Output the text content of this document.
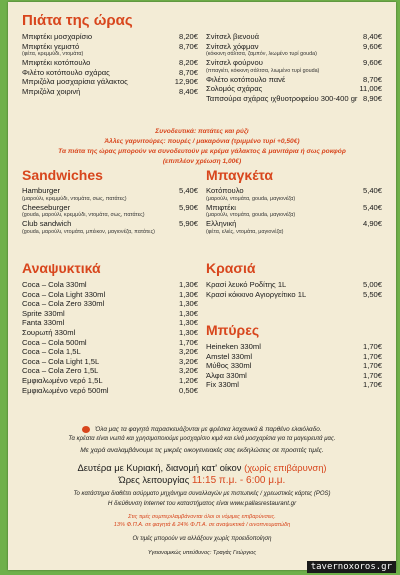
Πιάτα της ώρας
Μπιφτέκι μοσχαρίσιο	8,20€
Μπιφτέκι γεμιστό	8,70€
(φέτα, κρεμμύδι, ντομάτα)
Μπιφτέκι κοτόπουλο	8,20€
Φιλέτο κοτόπουλο σχάρας	8,70€
Μπριζόλα μοσχαρίσια γάλακτος	12,90€
Μπριζόλα χοιρινή	8,40€
Σνίτσελ βιενουά	8,40€
Σνίτσελ χόφμαν	9,60€
(κόκκινη σάλτσα, ζαμπόν, λιωμένο τυρί gouda)
Σνίτσελ φούρνου	9,60€
(ππαγιέτι, κόκκινη σάλτσα, λιωμένο τυρί gouda)
Φιλέτο κοτόπουλο πανέ	8,70€
Σολομός σχάρας	11,00€
Ταπσούρα σχάρας ιχθυοτροφείου 300-400 gr 8,90€
Συνοδευτικά: πατάτες και ρύζι
Άλλες γαρνιτούρες: πουρές / μακαρόνια (τριμμένο τυρί +0,50€)
Τα πιάτα της ώρας μπορούν να συνοδευτούν με κρέμα γάλακτος & μανιτάρια ή σως ροκφόρ
(επιπλέον χρέωση 1,00€)
Sandwiches
Hamburger	5,40€
(μαρούλι, κρεμμύδι, ντομάτα, σως, πατάτες)
Cheeseburger	5,90€
(gouda, μαρούλι, κρεμμύδι, ντομάτα, σως, πατάτες)
Club sandwich	5,90€
(gouda, μαρούλι, ντομάτα, μπέικον, μαγιονέζα, πατάτες)
Μπαγκέτα
Κοτόπουλο	5,40€
(μαρούλι, ντομάτα, gouda, μαγιονέζα)
Μπιφτέκι	5,40€
(μαρούλι, ντομάτα, gouda, μαγιονέζα)
Ελληνική	4,90€
(φέτα, ελιές, ντομάτα, μαγιονέζα)
Αναψυκτικά
Coca – Cola 330ml	1,30€
Coca – Cola Light 330ml	1,30€
Coca – Cola Zero 330ml	1,30€
Sprite 330ml	1,30€
Fanta 330ml	1,30€
Σουρωτή 330ml	1,30€
Coca – Cola 500ml	1,70€
Coca – Cola 1,5L	3,20€
Coca – Cola Light 1,5L	3,20€
Coca – Cola Zero 1,5L	3,20€
Εμφιαλωμένο νερό 1,5L	1,20€
Εμφιαλωμένο νερό 500ml	0,50€
Κρασιά
Κρασί λευκό Ροδίτης 1L	5,00€
Κρασί κόκκινο Αγιοργείτικο 1L	5,50€
Μπύρες
Heineken 330ml	1,70€
Amstel 330ml	1,70€
Μύθος 330ml	1,70€
Άλφα 330ml	1,70€
Fix 330ml	1,70€
Όλα μας τα φαγητά παρασκευάζονται με φρέσκα λαχανικά & παρθένο ελαιόλαδο.
Τα κρέατα είναι νωπά και χρησιμοποιούμε μοσχαρίσιο κιμά και ελιά μοσχαρίσια για τα μαγειρευτά μας.
Με χαρά αναλαμβάνουμε τις μικρές οικογενειακές σας εκδηλώσεις σε προσιτές τιμές.
Δευτέρα με Κυριακή, διανομή κατ' οίκον (χωρίς επιβάρυνση)
Ώρες λειτουργίας 11:15 π.μ. - 6:00 μ.μ.
Το κατάστημα διαθέτει ασύρματο μηχάνημα συναλλαγών με πιστωτικές / χρεωστικές κάρτες (POS)
Η διεύθυνση Internet του καταστήματος είναι www.pallasrestaurant.gr
Στις τιμές συμπεριλαμβάνονται όλοι οι νόμιμες επιβαρύνσεις.
13% Φ.Π.Α. σε φαγητά & 24% Φ.Π.Α. σε αναψυκτικά / οινοπνευματώδη
Οι τιμές μπορούν να αλλάξουν χωρίς προειδοποίηση
Υγειονομικώς υπεύθυνος: Τραγάς Γεώργιος
tavernoxoros.gr
